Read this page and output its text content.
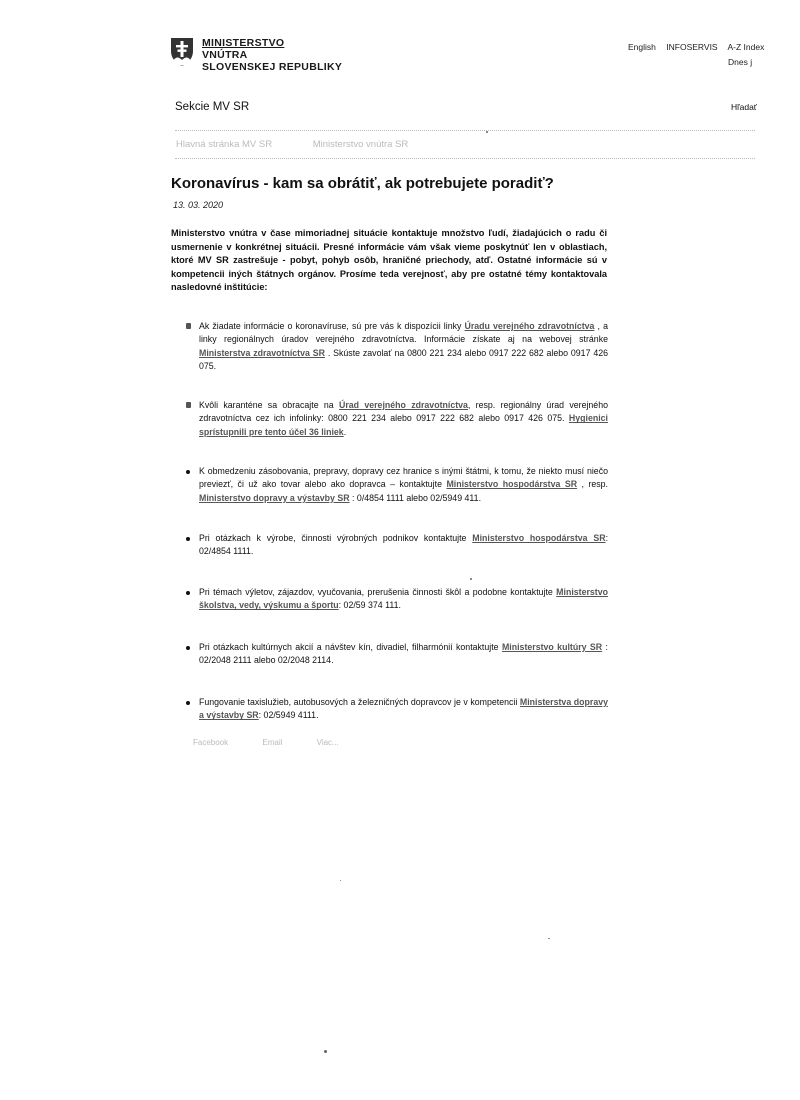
MINISTERSTVO
VNÚTRA
SLOVENSKEJ REPUBLIKY
English INFOSERVIS A-Z Index
Dnes j
Sekcie MV SR	Hľadať
Hlavná stránka MV SR	Ministerstvo vnútra SR
Koronavírus - kam sa obrátiť, ak potrebujete poradiť?
13. 03. 2020
Ministerstvo vnútra v čase mimoriadnej situácie kontaktuje množstvo ľudí, žiadajúcich o radu či usmernenie v konkrétnej situácii. Presné informácie vám však vieme poskytnúť len v oblastiach, ktoré MV SR zastrešuje - pobyt, pohyb osôb, hraničné priechody, atď. Ostatné informácie sú v kompetencii iných štátnych orgánov. Prosíme teda verejnosť, aby pre ostatné témy kontaktovala nasledovné inštitúcie:
Ak žiadate informácie o koronavíruse, sú pre vás k dispozícii linky Úradu verejného zdravotníctva , a linky regionálnych úradov verejného zdravotníctva. Informácie získate aj na webovej stránke Ministerstva zdravotníctva SR . Skúste zavolať na 0800 221 234 alebo 0917 222 682 alebo 0917 426 075.
Kvôli karanténe sa obracajte na Úrad verejného zdravotníctva, resp. regionálny úrad verejného zdravotníctva cez ich infolinky: 0800 221 234 alebo 0917 222 682 alebo 0917 426 075. Hygienici sprístupnili pre tento účel 36 liniek.
K obmedzeniu zásobovania, prepravy, dopravy cez hranice s inými štátmi, k tomu, že niekto musí niečo previezť, či už ako tovar alebo ako dopravca – kontaktujte Ministerstvo hospodárstva SR , resp. Ministerstvo dopravy a výstavby SR : 0/4854 1111 alebo 02/5949 411.
Pri otázkach k výrobe, činnosti výrobných podnikov kontaktujte Ministerstvo hospodárstva SR: 02/4854 1111.
Pri témach výletov, zájazdov, vyučovania, prerušenia činnosti škôl a podobne kontaktujte Ministerstvo školstva, vedy, výskumu a športu: 02/59 374 111.
Pri otázkach kultúrnych akcií a návštev kín, divadiel, filharmónií kontaktujte Ministerstvo kultúry SR : 02/2048 2111 alebo 02/2048 2114.
Fungovanie taxislužieb, autobusových a železničných dopravcov je v kompetencii Ministerstva dopravy a výstavby SR: 02/5949 4111.
Facebook	Email	Viac...
